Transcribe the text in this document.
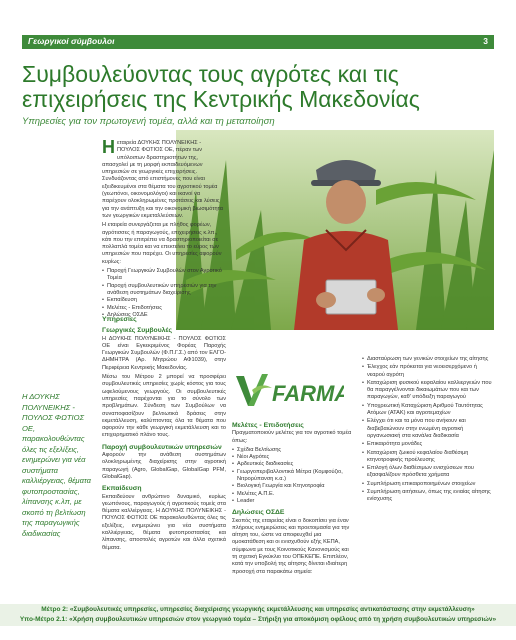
Γεωργικοί σύμβουλοι	3
Συμβουλεύοντας τους αγρότες και τις επιχειρήσεις της Κεντρικής Μακεδονίας
Υπηρεσίες για τον πρωτογενή τομέα, αλλά και τη μεταποίηση

Ηεταιρεία ΔΟΥΚΗΣ ΠΟΛΥΝΕΙΚΗΣ - ΠΟΥΛΟΣ ΦΩΤΙΟΣ ΟΕ, πέραν των υπόλοιπων δραστηριοτήτων της, απασχολεί με τη μορφή εκπαιδευόμενων υπηρεσιών σε γεωργικές επιχειρήσεις. Συνδυάζοντας από επιστήμονες που είναι εξειδικευμένοι στα θέματα του αγροτικού τομέα (γεωπόνοι, οικονομολόγοι) και ικανοί να παρέχουν ολοκληρωμένες προτάσεις και λύσεις για την ανάπτυξη και την οικονομική βιωσιμότητα των γεωργικών εκμεταλλεύσεων.

Η εταιρεία συνεργάζεται με πλήθος φορέων, αγρότισσες ή παραγωγούς, επιχειρήσεις κ.λπ., κάτι που την επιτρέπει να δραστηριοποιείται σε πολλαπλά τομέα και να επεκτείνει το εύρος των υπηρεσιών που παρέχει. Οι υπηρεσίες αφορούν κυρίως:

• Παροχή Γεωργικών Συμβουλών στον Αγροτικό Τομέα
• Παροχή συμβουλευτικών υπηρεσιών για την ανάθεση συστημάτων διαχείρισης
• Εκπαίδευση
• Μελέτες - Επιδοτήσεις
• Δηλώσεις ΟΣΔΕ
Υπηρεσίες
Γεωργικές Συμβουλές

Η ΔΟΥΚΗΣ ΠΟΛΥΝΕΙΚΗΣ - ΠΟΥΛΟΣ ΦΩΤΙΟΣ ΟΕ είναι Εγκεκριμένος Φορέας Παροχής Γεωργικών Συμβουλών (Φ.Π.Γ.Σ.) από τον ΕΛΓΟ-ΔΗΜΗΤΡΑ (Αρ. Μητρώου ΑΦ1039), στην Περιφέρεια Κεντρικής Μακεδονίας.

Μέσω του Μέτρου 2 μπορεί να προσφέρει συμβουλευτικές υπηρεσίες χωρίς κόστος για τους ωφελούμενους γεωργούς. Οι συμβουλευτικές υπηρεσίες παρέχονται για το σύνολο των προβλημάτων. Σύνδεση των Συμβούλων να συναποφασίζουν βελτιωτικά δράσεις στην εκμετάλλευση, καλύπτοντας όλα τα θέματα που αφορούν την κάθε γεωργική εκμετάλλευση και το επιχειρηματικό πλάνο τους.

Παροχή συμβουλευτικών υπηρεσιών

Αφορούν την ανάθεση συστημάτων ολοκληρωμένης διαχείρισης στην αγροτική παραγωγή (Agro, GlobalGap, GlobalGap PFM, GlobalGap).

Εκπαίδευση

Εκπαιδεύουν ανθρώπινο δυναμικό, κυρίως γεωπόνους, παραγωγούς ή αγροτικούς τομείς στα θέματα καλλιέργειας. Η ΔΟΥΚΗΣ ΠΟΛΥΝΕΙΚΗΣ - ΠΟΥΛΟΣ ΦΩΤΙΟΣ ΟΕ παρακολουθώντας όλες τις εξελίξεις, ενημερώνει για νέα συστήματα καλλιέργειας, θέματα φυτοπροστασίας και λίπανσης, αποστολές αγροτών και άλλα σχετικά θέματα.

Η ΔΟΥΚΗΣ ΠΟΛΥΝΕΙΚΗΣ - ΠΟΥΛΟΣ ΦΩΤΙΟΣ ΟΕ, παρακολουθώντας όλες τις εξελίξεις, ενημερώνει για νέα συστήματα καλλιέργειας, θέματα φυτοπροστασίας, λίπανσης κ.λπ, με σκοπό τη βελτίωση της παραγωγικής διαδικασίας
FARMA
Μελέτες - Επιδοτήσεις

Πραγματοποιούν μελέτες για τον αγροτικό τομέα όπως:

• Σχέδια Βελτίωσης
• Νέοι Αγρότες
• Αρδευτικές διαδικασίες
• Γεωργοπεριβαλλοντικά Μέτρα (Κομφούζιο, Νιτρορύπανση κ.α.)
• Βιολογική Γεωργία και Κτηνοτροφία
• Μελέτες Α.Π.Ε.
• Leader
Δηλώσεις ΟΣΔΕ

Σκοπός της εταιρείας είναι ο δοκοπίσει για έναν πλήρους ενημερώσεις και προετοιμασία για την αίτηση του, ώστε να αποφευχθεί μια ομοκατάθεση και οι ενισχυθούν εξής ΚΕΠΑ, σύμφωνα με τους Κοινοτικούς Κανονισμούς και τη σχετική Εγκύκλιο του ΟΠΕΚΕΠΕ. Επιπλέον, κατά την υποβολή της αίτησης δίνεται ιδιαίτερη προσοχή στα παρακάτω σημεία:

• Διασταύρωση των γενικών στοιχείων της αίτησης
• Έλεγχος εάν πρόκειται για νεοεισερχόμενο ή νεαρού αγρότη
• Καταχώριση φυσικού κεφαλαίου καλλιεργειών που θα παραγγέλνονται δικαιωμάτων που και των παραγωγών, καθ' υπόδειξη παραγωγού
• Υποχρεωτική Καταχώριση Αριθμού Ταυτότητας Ατόμων (ΑΤΑΚ) και αγροτεμαχίων
• Ελέγχει ότι και τα μόνα που ανήκουν και διαβεβαιώνουν στην ενωμένη αγροτική οργανωσιακή στα κανάλια διαδικασία
• Επικαιρότητα μονάδες
• Καταχώριση ζωικού κεφαλαίου διαθέσιμη κτηνοτροφικής προέλευσης
• Επιλογή όλων διαθέσιμων ενισχύσεων που εξασφαλίζουν πρόσθετα χρήματα
• Συμπλήρωση επικαιροποιημένων στοιχείων
• Συμπλήρωση αιτήσεων, όπως της ενιαίας αίτησης ενίσχυσης
Μέτρο 2: «Συμβουλευτικές υπηρεσίες, υπηρεσίες διαχείρισης γεωργικής εκμετάλλευσης και υπηρεσίες αντικατάστασης στην εκμετάλλευση»
Υπο-Μέτρο 2.1: «Χρήση συμβουλευτικών υπηρεσιών στον γεωργικό τομέα – Στήριξη για αποκόμιση οφέλους από τη χρήση συμβουλευτικών υπηρεσιών»
